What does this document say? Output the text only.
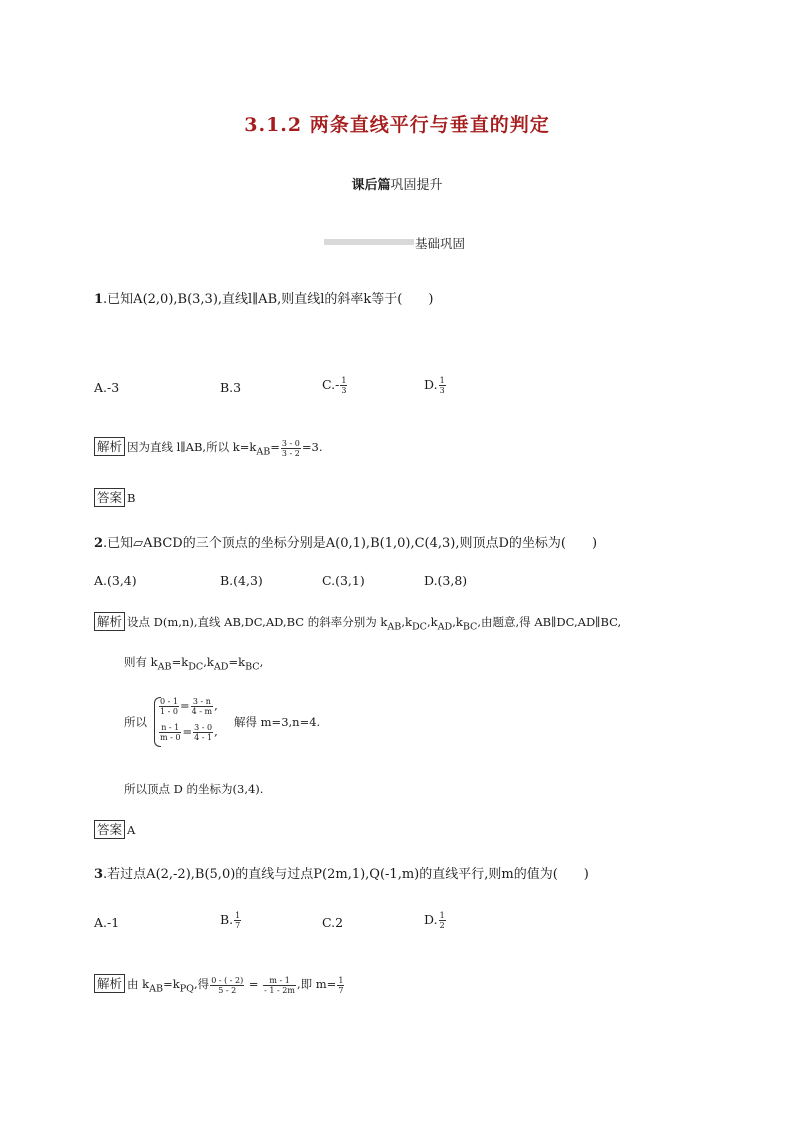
3.1.2 两条直线平行与垂直的判定
课后篇巩固提升
基础巩固
1.已知A(2,0),B(3,3),直线l∥AB,则直线l的斜率k等于(　　)
A.-3	B.3	$C.- \frac{1}{3}$	D. $\frac{1}{3}$
解析 因为直线 l∥AB,所以 $k=k_{AB}= \frac{3 - 0}{3 - 2} =3$.
答案 B
2.已知▱ABCD的三个顶点的坐标分别是A(0,1),B(1,0),C(4,3),则顶点D的坐标为(　　)
A.(3,4)	B.(4,3)	C.(3,1)	D.(3,8)
解析 设点 D(m,n),直线 AB,DC,AD,BC 的斜率分别为 $k_{AB},k_{DC},k_{AD},k_{BC}$,由题意,得 AB∥DC,AD∥BC,
则有 $k_{AB}=k_{DC},k_{AD}=k_{BC}$,
所以
$\frac{0 - 1}{1 - 0} = \frac{3 - n}{4 - m}$ ,
$\frac{n - 1}{m - 0} = \frac{3 - 0}{4 - 1}$ ,
解得 m=3,n=4.
所以顶点 D 的坐标为(3,4).
答案 A
3.若过点A(2,-2),B(5,0)的直线与过点P(2m,1),Q(-1,m)的直线平行,则m的值为(　　)
A.-1	B. $\frac{1}{7}$	C.2	D. $\frac{1}{2}$
解析 由 $k_{AB}=k_{PQ}$,得 $\frac{0 - ( - 2)}{5 - 2} = \frac{m - 1}{- 1 - 2m}$ ,即 $m= \frac{1}{7}$
